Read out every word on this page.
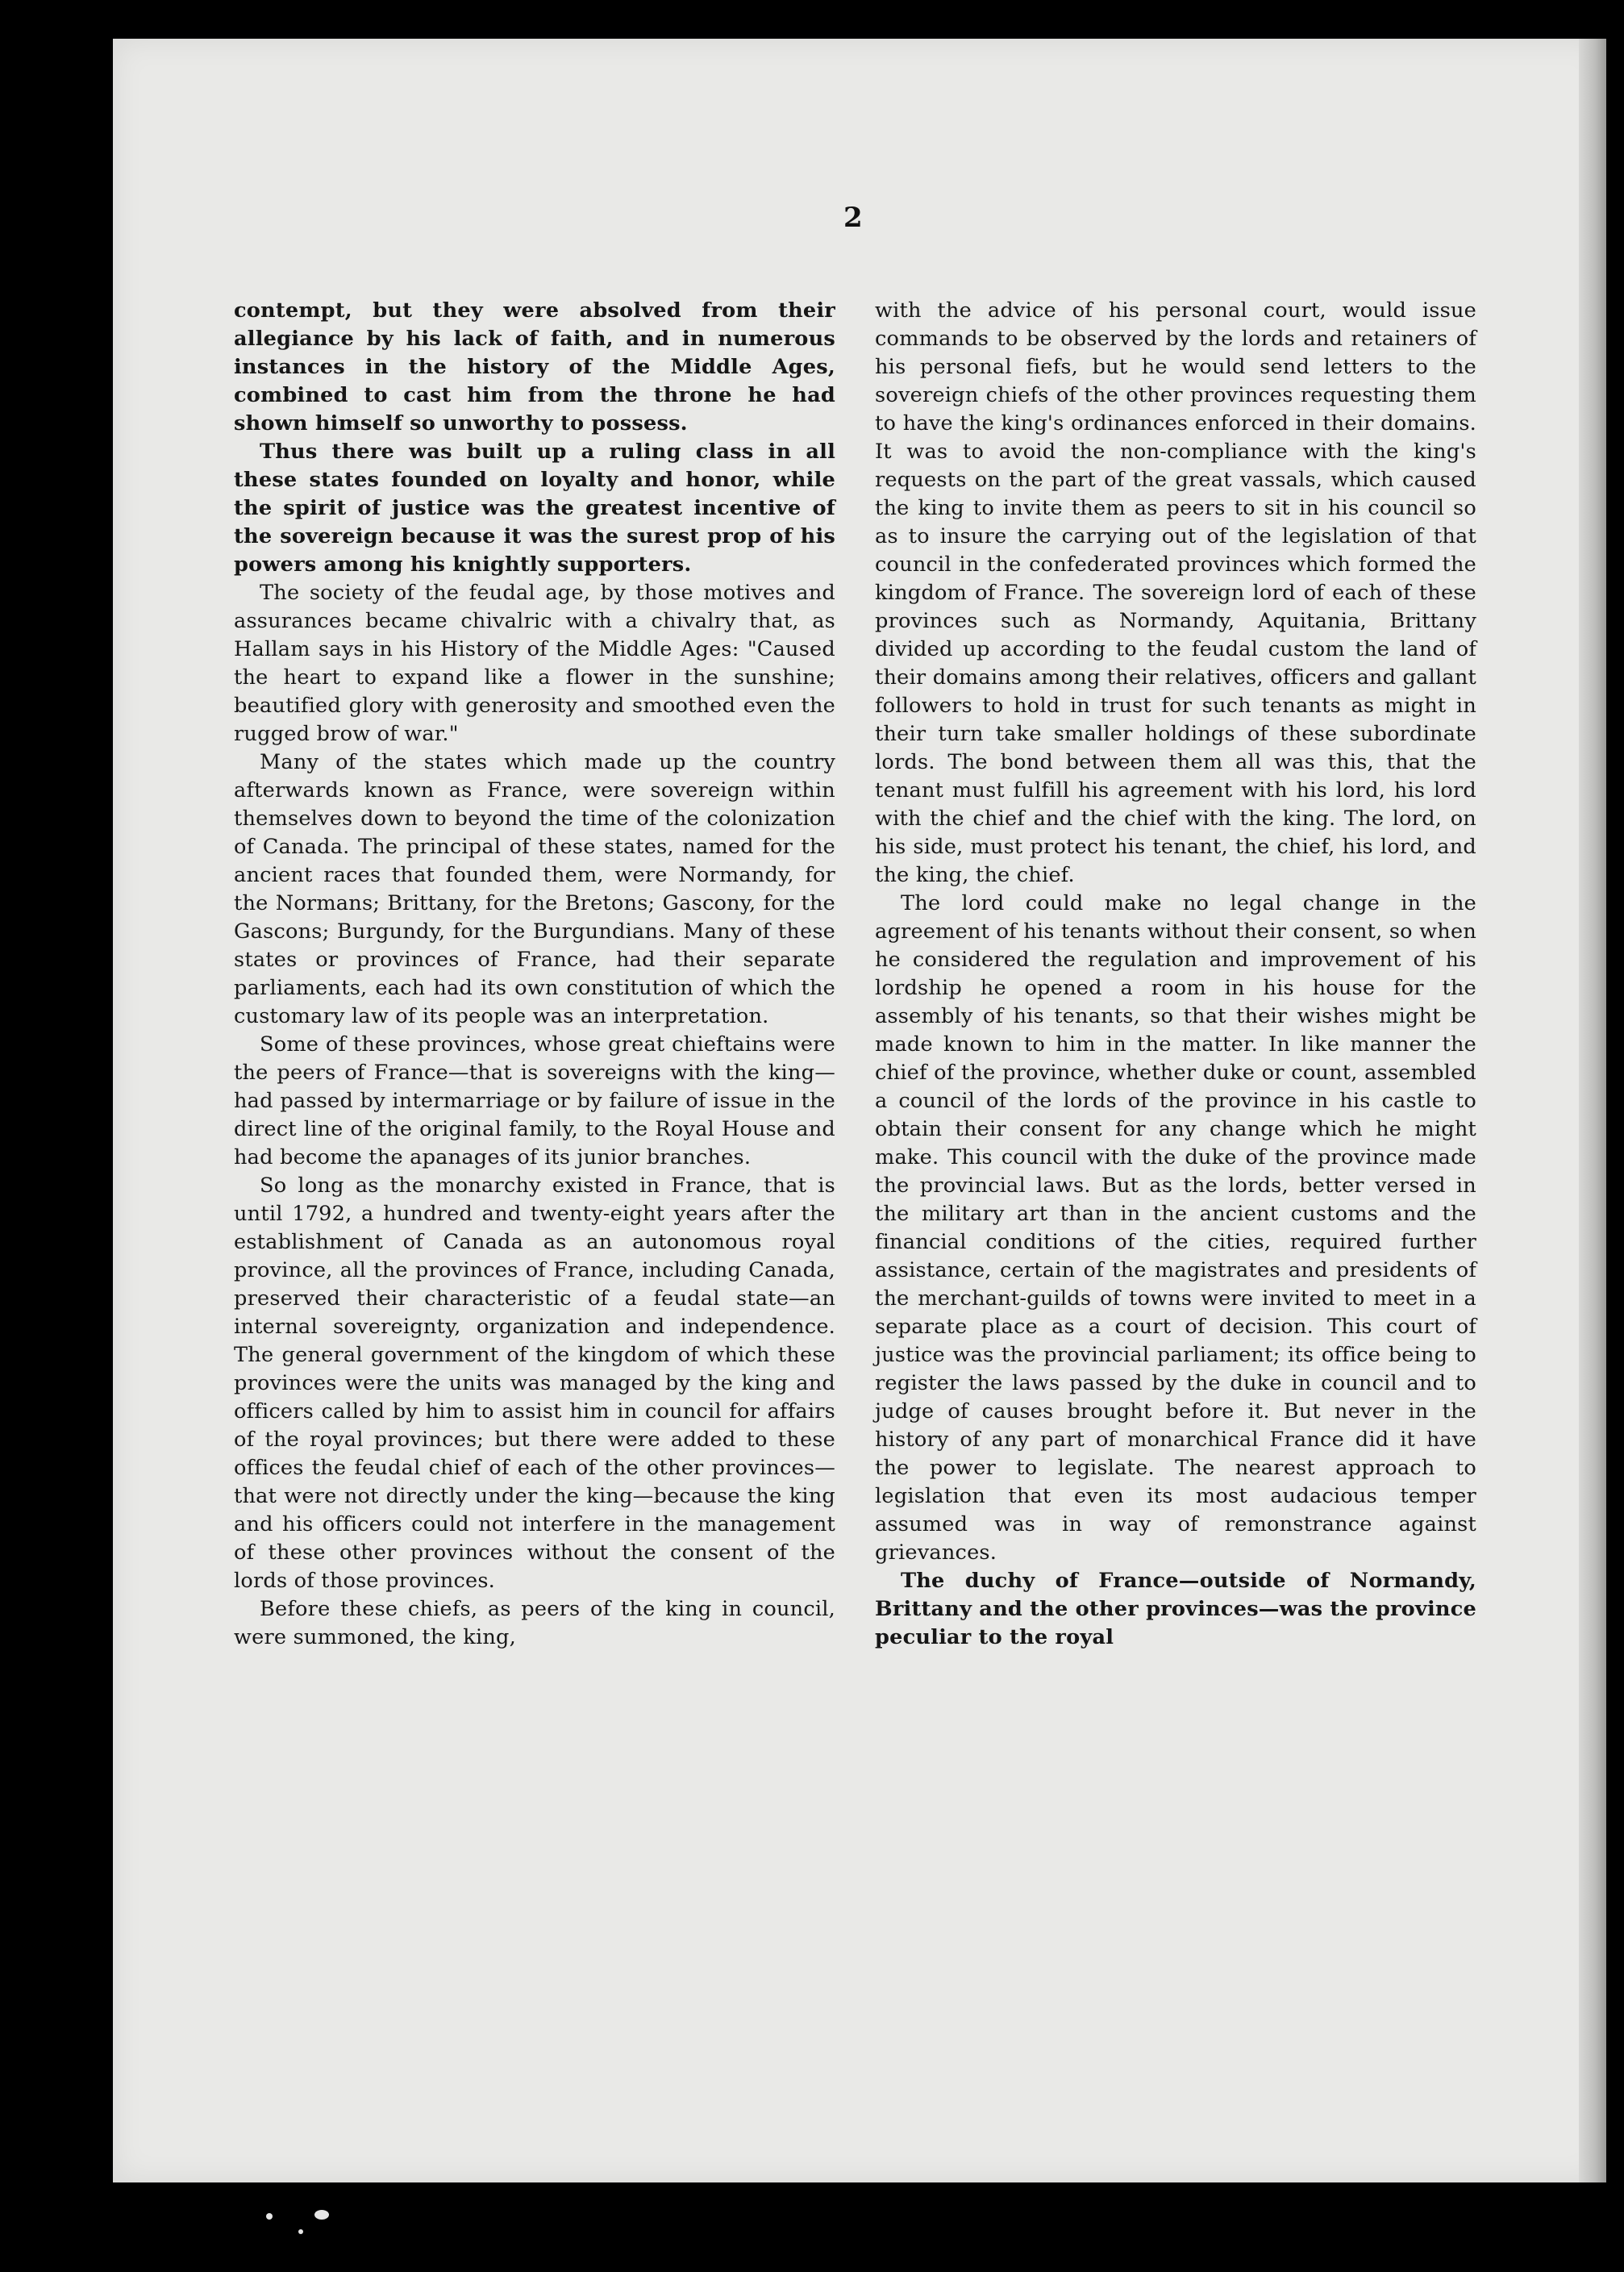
2

contempt, but they were absolved from their allegiance by his lack of faith, and in numerous instances in the history of the Middle Ages, combined to cast him from the throne he had shown himself so unworthy to possess.

Thus there was built up a ruling class in all these states founded on loyalty and honor, while the spirit of justice was the greatest incentive of the sovereign because it was the surest prop of his powers among his knightly supporters.

The society of the feudal age, by those motives and assurances became chivalric with a chivalry that, as Hallam says in his History of the Middle Ages: "Caused the heart to expand like a flower in the sunshine; beautified glory with generosity and smoothed even the rugged brow of war."

Many of the states which made up the country afterwards known as France, were sovereign within themselves down to beyond the time of the colonization of Canada. The principal of these states, named for the ancient races that founded them, were Normandy, for the Normans; Brittany, for the Bretons; Gascony, for the Gascons; Burgundy, for the Burgundians. Many of these states or provinces of France, had their separate parliaments, each had its own constitution of which the customary law of its people was an interpretation.

Some of these provinces, whose great chieftains were the peers of France—that is sovereigns with the king—had passed by intermarriage or by failure of issue in the direct line of the original family, to the Royal House and had become the apanages of its junior branches.

So long as the monarchy existed in France, that is until 1792, a hundred and twenty-eight years after the establishment of Canada as an autonomous royal province, all the provinces of France, including Canada, preserved their characteristic of a feudal state—an internal sovereignty, organization and independence. The general government of the kingdom of which these provinces were the units was managed by the king and officers called by him to assist him in council for affairs of the royal provinces; but there were added to these offices the feudal chief of each of the other provinces—that were not directly under the king—because the king and his officers could not interfere in the management of these other provinces without the consent of the lords of those provinces.

Before these chiefs, as peers of the king in council, were summoned, the king,

with the advice of his personal court, would issue commands to be observed by the lords and retainers of his personal fiefs, but he would send letters to the sovereign chiefs of the other provinces requesting them to have the king's ordinances enforced in their domains. It was to avoid the non-compliance with the king's requests on the part of the great vassals, which caused the king to invite them as peers to sit in his council so as to insure the carrying out of the legislation of that council in the confederated provinces which formed the kingdom of France. The sovereign lord of each of these provinces such as Normandy, Aquitania, Brittany divided up according to the feudal custom the land of their domains among their relatives, officers and gallant followers to hold in trust for such tenants as might in their turn take smaller holdings of these subordinate lords. The bond between them all was this, that the tenant must fulfill his agreement with his lord, his lord with the chief and the chief with the king. The lord, on his side, must protect his tenant, the chief, his lord, and the king, the chief.

The lord could make no legal change in the agreement of his tenants without their consent, so when he considered the regulation and improvement of his lordship he opened a room in his house for the assembly of his tenants, so that their wishes might be made known to him in the matter. In like manner the chief of the province, whether duke or count, assembled a council of the lords of the province in his castle to obtain their consent for any change which he might make. This council with the duke of the province made the provincial laws. But as the lords, better versed in the military art than in the ancient customs and the financial conditions of the cities, required further assistance, certain of the magistrates and presidents of the merchant-guilds of towns were invited to meet in a separate place as a court of decision. This court of justice was the provincial parliament; its office being to register the laws passed by the duke in council and to judge of causes brought before it. But never in the history of any part of monarchical France did it have the power to legislate. The nearest approach to legislation that even its most audacious temper assumed was in way of remonstrance against grievances.

The duchy of France—outside of Normandy, Brittany and the other provinces—was the province peculiar to the royal
